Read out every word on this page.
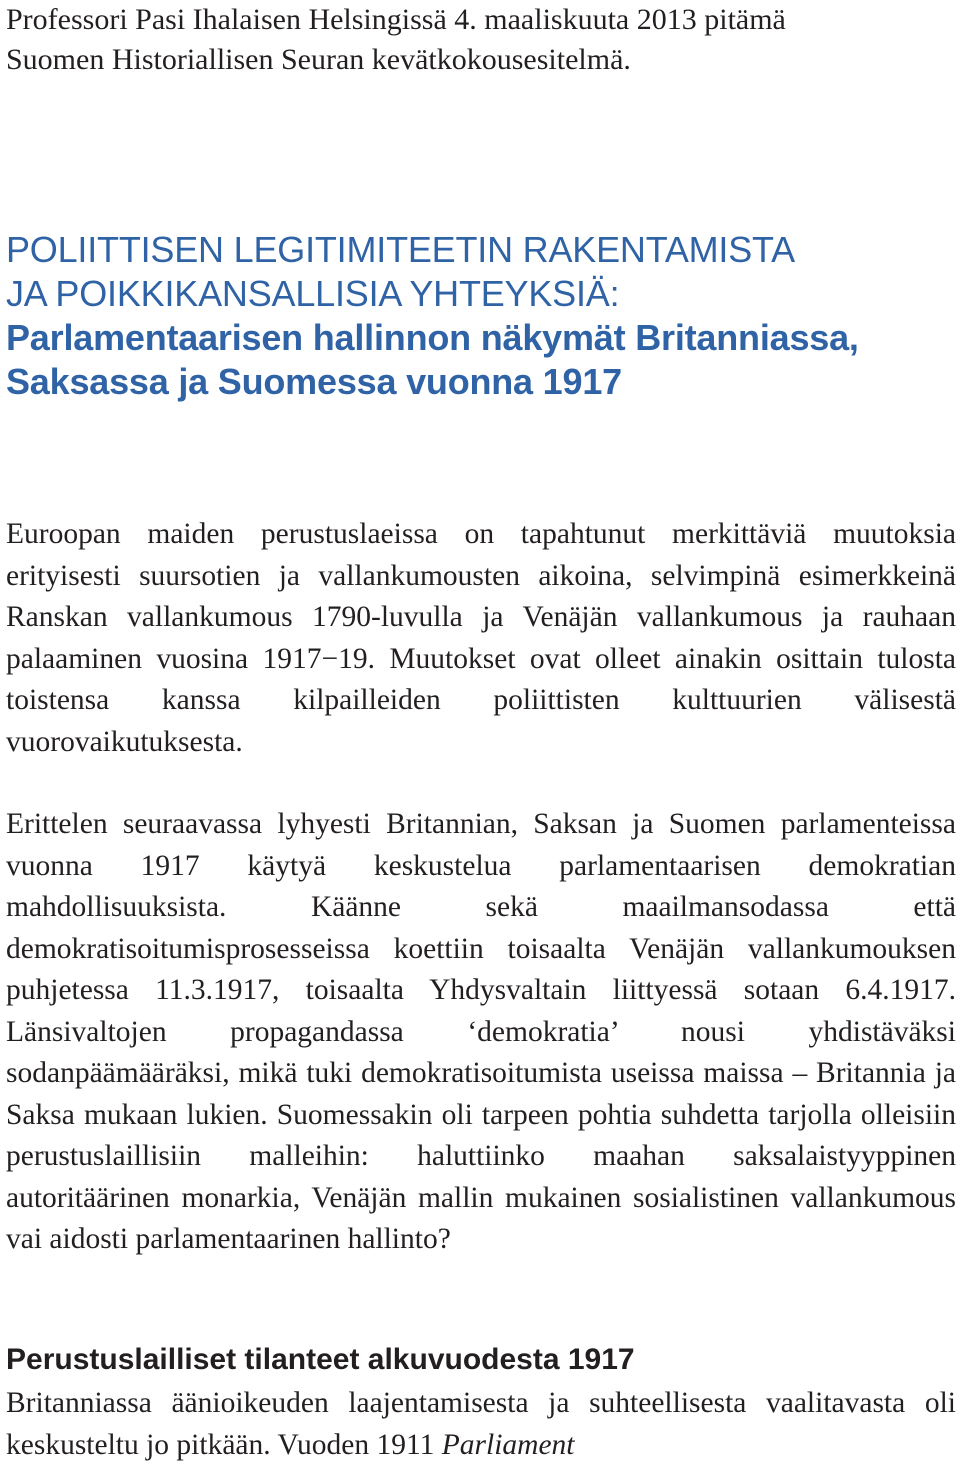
Professori Pasi Ihalaisen Helsingissä 4. maaliskuuta 2013 pitämä
Suomen Historiallisen Seuran kevätkokousesitelmä.

POLIITTISEN LEGITIMITEETIN RAKENTAMISTA
JA POIKKIKANSALLISIA YHTEYKSIÄ:
Parlamentaarisen hallinnon näkymät Britanniassa,
Saksassa ja Suomessa vuonna 1917

Euroopan maiden perustuslaeissa on tapahtunut merkittäviä muutoksia erityisesti suursotien ja vallankumousten aikoina, selvimpinä esimerkkeinä Ranskan vallankumous 1790-luvulla ja Venäjän vallankumous ja rauhaan palaaminen vuosina 1917−19. Muutokset ovat olleet ainakin osittain tulosta toistensa kanssa kilpailleiden poliittisten kulttuurien välisestä vuorovaikutuksesta.

Erittelen seuraavassa lyhyesti Britannian, Saksan ja Suomen parlamenteissa vuonna 1917 käytyä keskustelua parlamentaarisen demokratian mahdollisuuksista. Käänne sekä maailmansodassa että demokratisoitumisprosesseissa koettiin toisaalta Venäjän vallankumouksen puhjetessa 11.3.1917, toisaalta Yhdysvaltain liittyessä sotaan 6.4.1917. Länsivaltojen propagandassa ‘demokratia’ nousi yhdistäväksi sodanpäämääräksi, mikä tuki demokratisoitumista useissa maissa – Britannia ja Saksa mukaan lukien. Suomessakin oli tarpeen pohtia suhdetta tarjolla olleisiin perustuslaillisiin malleihin: haluttiinko maahan saksalaistyyppinen autoritäärinen monarkia, Venäjän mallin mukainen sosialistinen vallankumous vai aidosti parlamentaarinen hallinto?

Perustuslailliset tilanteet alkuvuodesta 1917

Britanniassa äänioikeuden laajentamisesta ja suhteellisesta vaalitavasta oli keskusteltu jo pitkään. Vuoden 1911 Parliament
